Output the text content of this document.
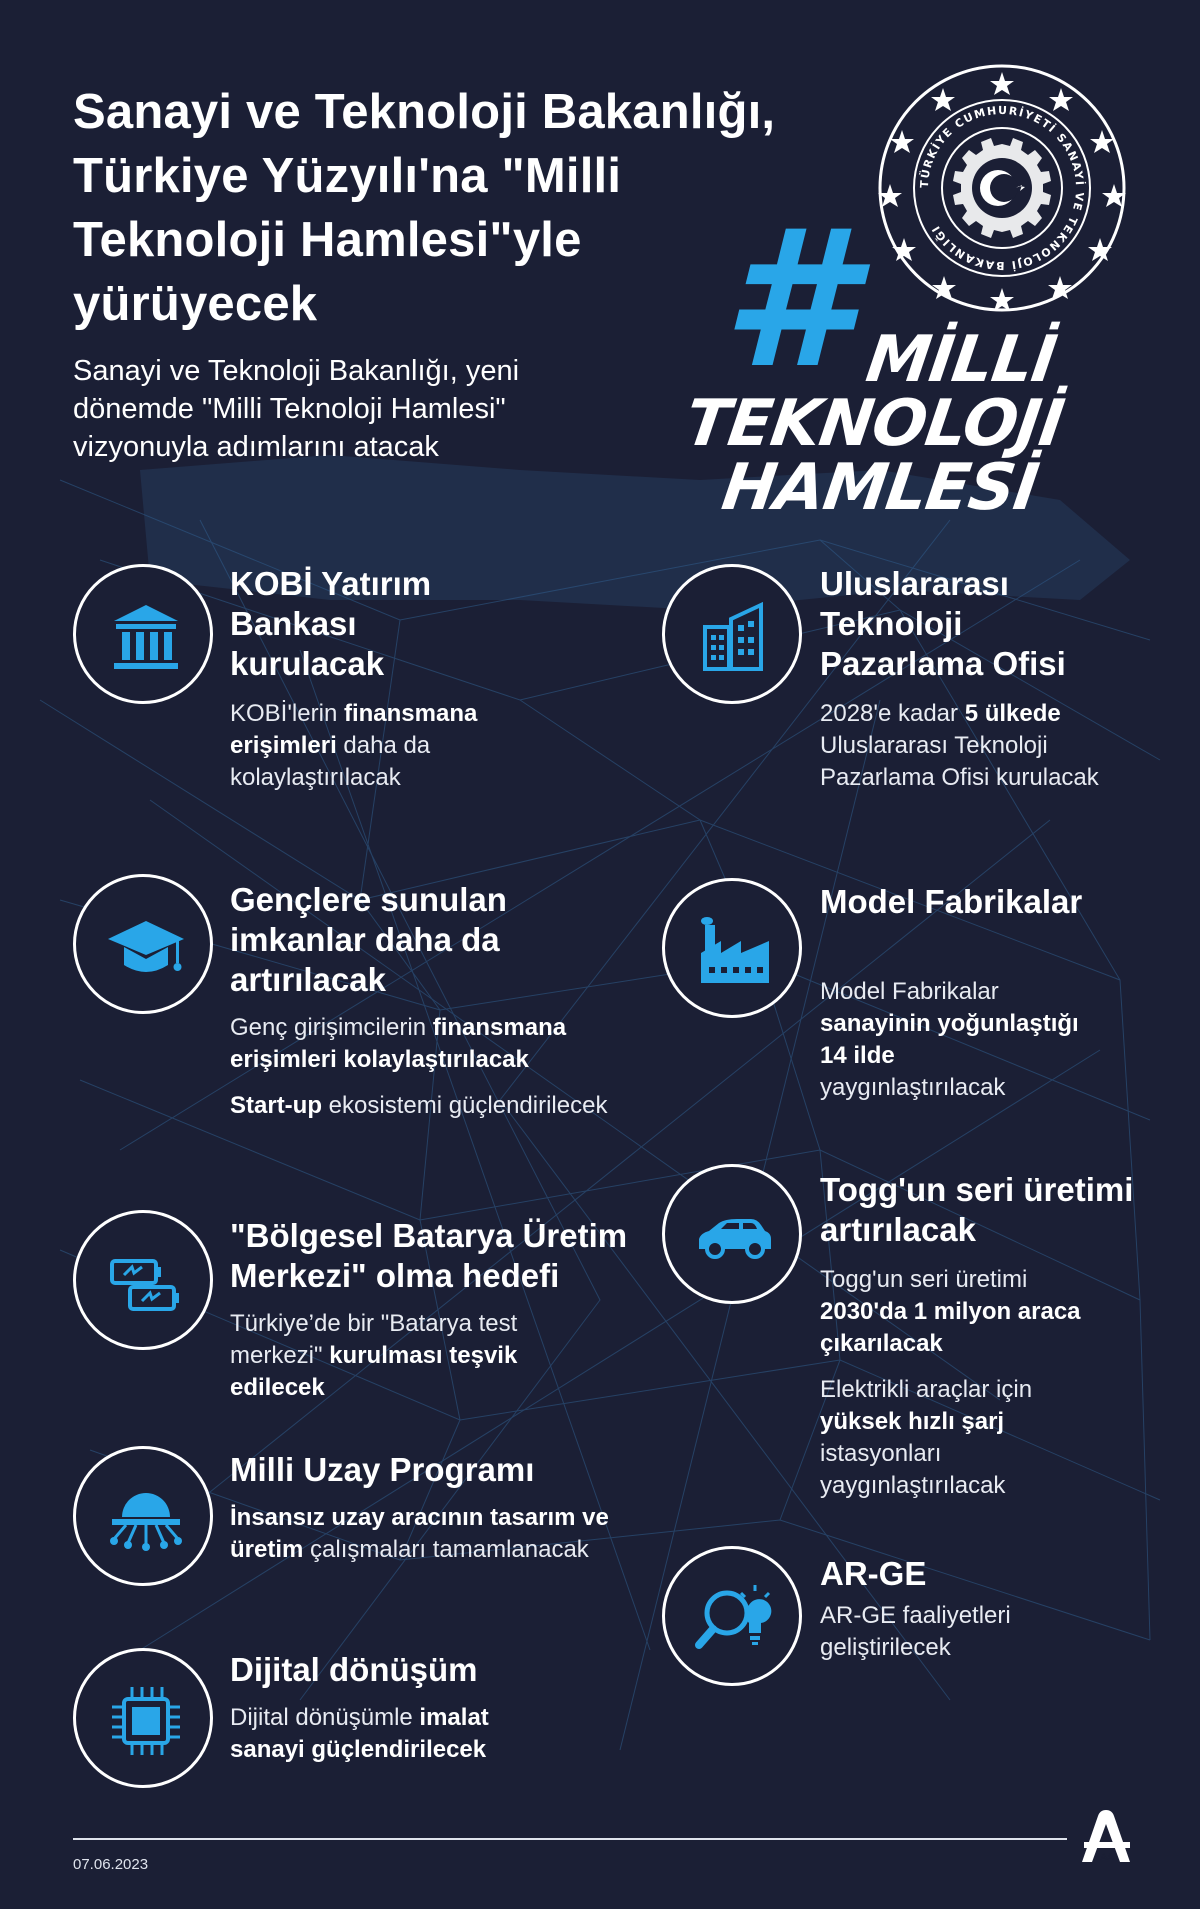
Sanayi ve Teknoloji Bakanlığı, Türkiye Yüzyılı'na "Milli Teknoloji Hamlesi"yle yürüyecek
Sanayi ve Teknoloji Bakanlığı, yeni dönemde "Milli Teknoloji Hamlesi" vizyonuyla adımlarını atacak
TÜRKİYE CUMHURİYETİ SANAYİ VE TEKNOLOJİ BAKANLIĞI
# MİLLİ
TEKNOLOJİ
HAMLESİ
KOBİ Yatırım Bankası kurulacak
KOBİ'lerin finansmana erişimleri daha da kolaylaştırılacak
Gençlere sunulan imkanlar daha da artırılacak
Genç girişimcilerin finansmana erişimleri kolaylaştırılacak
Start-up ekosistemi güçlendirilecek
"Bölgesel Batarya Üretim Merkezi" olma hedefi
Türkiye’de bir "Batarya test merkezi" kurulması teşvik edilecek
Milli Uzay Programı
İnsansız uzay aracının tasarım ve üretim çalışmaları tamamlanacak
Dijital dönüşüm
Dijital dönüşümle imalat sanayi güçlendirilecek
Uluslararası Teknoloji Pazarlama Ofisi
2028'e kadar 5 ülkede Uluslararası Teknoloji Pazarlama Ofisi kurulacak
Model Fabrikalar
Model Fabrikalar sanayinin yoğunlaştığı 14 ilde yaygınlaştırılacak
Togg'un seri üretimi artırılacak
Togg'un seri üretimi 2030'da 1 milyon araca çıkarılacak
Elektrikli araçlar için yüksek hızlı şarj istasyonları yaygınlaştırılacak
AR-GE
AR-GE faaliyetleri geliştirilecek
07.06.2023	AA
